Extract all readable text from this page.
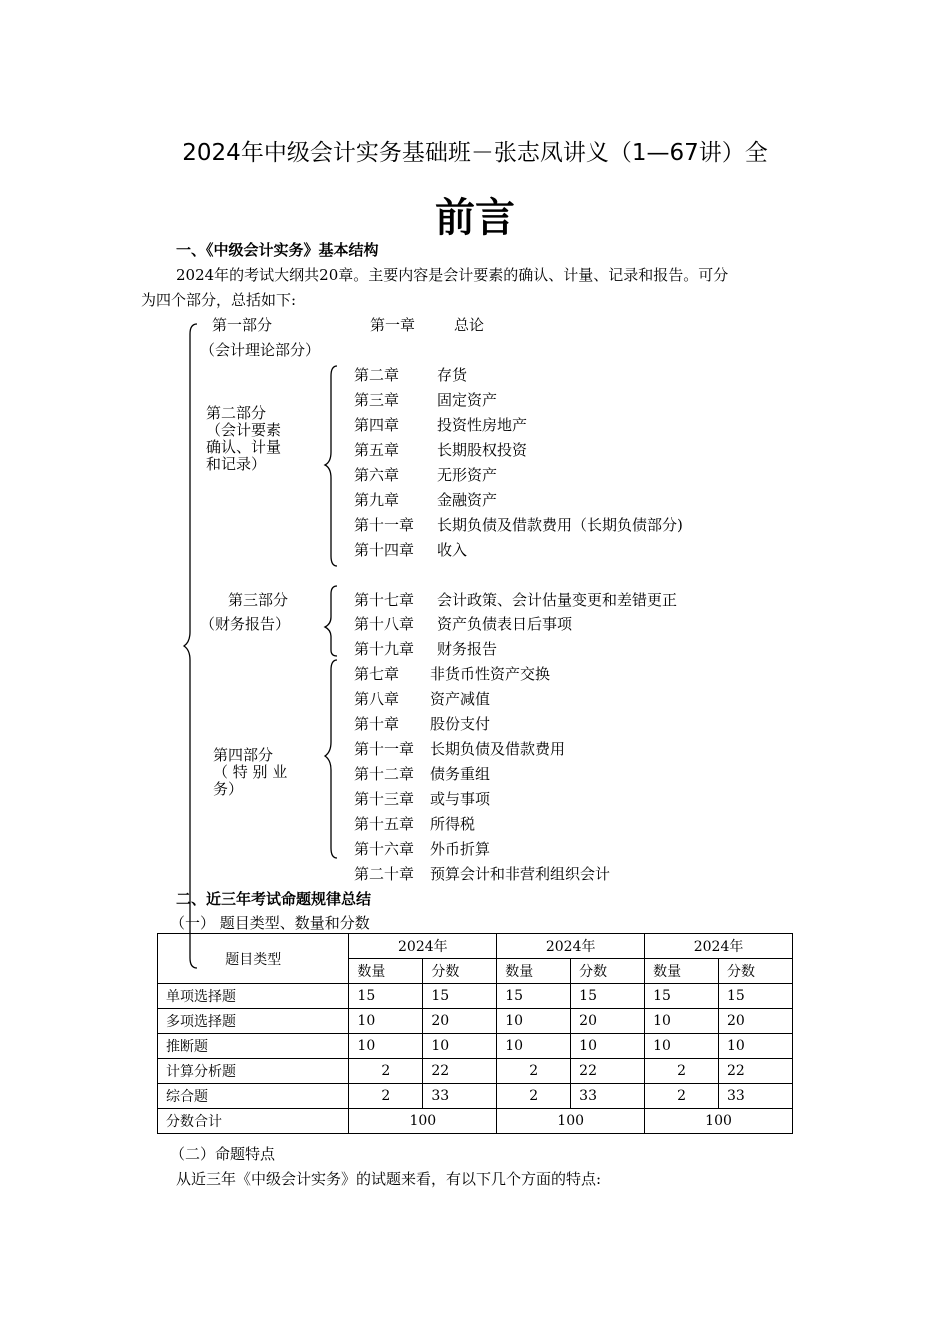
2024年中级会计实务基础班－张志凤讲义（1—67讲）全
前言
一、《中级会计实务》基本结构
2024年的考试大纲共20章。主要内容是会计要素的确认、计量、记录和报告。可分
为四个部分，总括如下:
第一部分
（会计理论部分）
第一章	总论
第二部分
（会计要素
确认、计量
和记录）
第二章	存货
第三章	固定资产
第四章	投资性房地产
第五章	长期股权投资
第六章	无形资产
第九章	金融资产
第十一章 长期负债及借款费用（长期负债部分)
第十四章 收入
第三部分
（财务报告）
第十七章 会计政策、会计估量变更和差错更正
第十八章 资产负债表日后事项
第十九章 财务报告
第四部分
（ 特 别 业
务）
第七章 非货币性资产交换
第八章 资产减值
第十章 股份支付
第十一章 长期负债及借款费用
第十二章 债务重组
第十三章 或与事项
第十五章 所得税
第十六章 外币折算
第二十章 预算会计和非营利组织会计
二、近三年考试命题规律总结
（一） 题目类型、数量和分数
题目类型	2024年		2024年		2024年	
	数量	分数	数量	分数	数量	分数
单项选择题	15	15	15	15	15	15
多项选择题	10	20	10	20	10	20
推断题	10	10	10	10	10	10
计算分析题	2	22	2	22	2	22
综合题	2	33	2	33	2	33
分数合计	100		100		100	
（二）命题特点
从近三年《中级会计实务》的试题来看，有以下几个方面的特点:
